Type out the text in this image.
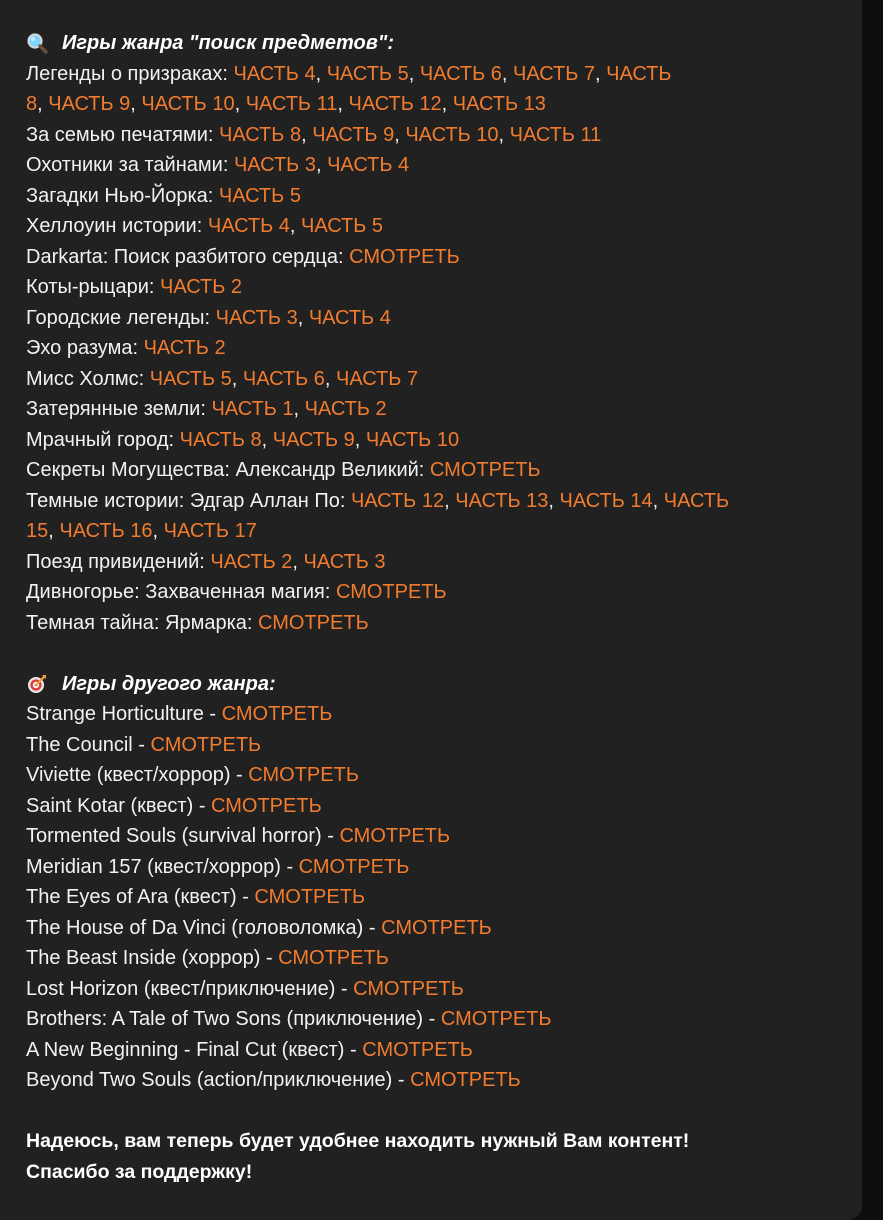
Игры жанра "поиск предметов":
Легенды о призраках: ЧАСТЬ 4, ЧАСТЬ 5, ЧАСТЬ 6, ЧАСТЬ 7, ЧАСТЬ
8, ЧАСТЬ 9, ЧАСТЬ 10, ЧАСТЬ 11, ЧАСТЬ 12, ЧАСТЬ 13
За семью печатями: ЧАСТЬ 8, ЧАСТЬ 9, ЧАСТЬ 10, ЧАСТЬ 11
Охотники за тайнами: ЧАСТЬ 3, ЧАСТЬ 4
Загадки Нью-Йорка: ЧАСТЬ 5
Хеллоуин истории: ЧАСТЬ 4, ЧАСТЬ 5
Darkarta: Поиск разбитого сердца: СМОТРЕТЬ
Коты-рыцари: ЧАСТЬ 2
Городские легенды: ЧАСТЬ 3, ЧАСТЬ 4
Эхо разума: ЧАСТЬ 2
Мисс Холмс: ЧАСТЬ 5, ЧАСТЬ 6, ЧАСТЬ 7
Затерянные земли: ЧАСТЬ 1, ЧАСТЬ 2
Мрачный город: ЧАСТЬ 8, ЧАСТЬ 9, ЧАСТЬ 10
Секреты Могущества: Александр Великий: СМОТРЕТЬ
Темные истории: Эдгар Аллан По: ЧАСТЬ 12, ЧАСТЬ 13, ЧАСТЬ 14, ЧАСТЬ
15, ЧАСТЬ 16, ЧАСТЬ 17
Поезд привидений: ЧАСТЬ 2, ЧАСТЬ 3
Дивногорье: Захваченная магия: СМОТРЕТЬ
Темная тайна: Ярмарка: СМОТРЕТЬ
Игры другого жанра:
Strange Horticulture - СМОТРЕТЬ
The Council - СМОТРЕТЬ
Viviette (квест/хоррор) - СМОТРЕТЬ
Saint Kotar (квест) - СМОТРЕТЬ
Tormented Souls (survival horror) - СМОТРЕТЬ
Meridian 157 (квест/хоррор) - СМОТРЕТЬ
The Eyes of Ara (квест) - СМОТРЕТЬ
The House of Da Vinci (головоломка) - СМОТРЕТЬ
The Beast Inside (хоррор) - СМОТРЕТЬ
Lost Horizon (квест/приключение) - СМОТРЕТЬ
Brothers: A Tale of Two Sons (приключение) - СМОТРЕТЬ
A New Beginning - Final Cut (квест) - СМОТРЕТЬ
Beyond Two Souls (action/приключение) - СМОТРЕТЬ
Надеюсь, вам теперь будет удобнее находить нужный Вам контент!
Спасибо за поддержку!
